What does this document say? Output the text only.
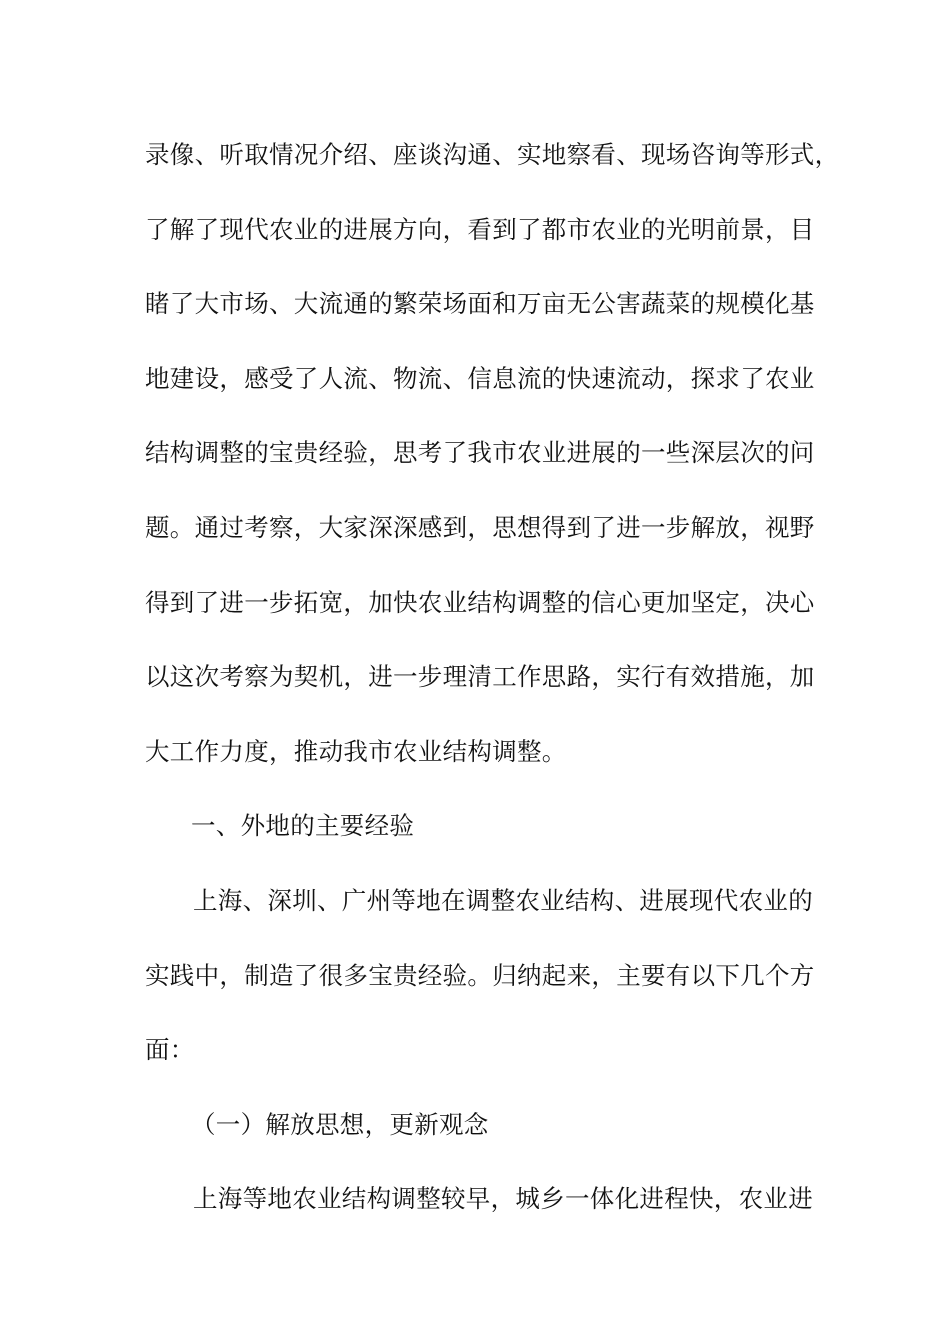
录像、听取情况介绍、座谈沟通、实地察看、现场咨询等形式，
了解了现代农业的进展方向，看到了都市农业的光明前景，目
睹了大市场、大流通的繁荣场面和万亩无公害蔬菜的规模化基
地建设，感受了人流、物流、信息流的快速流动，探求了农业
结构调整的宝贵经验，思考了我市农业进展的一些深层次的问
题。通过考察，大家深深感到，思想得到了进一步解放，视野
得到了进一步拓宽，加快农业结构调整的信心更加坚定，决心
以这次考察为契机，进一步理清工作思路，实行有效措施，加
大工作力度，推动我市农业结构调整。
一、外地的主要经验
上海、深圳、广州等地在调整农业结构、进展现代农业的
实践中，制造了很多宝贵经验。归纳起来，主要有以下几个方
面：
（一）解放思想，更新观念
上海等地农业结构调整较早，城乡一体化进程快，农业进
